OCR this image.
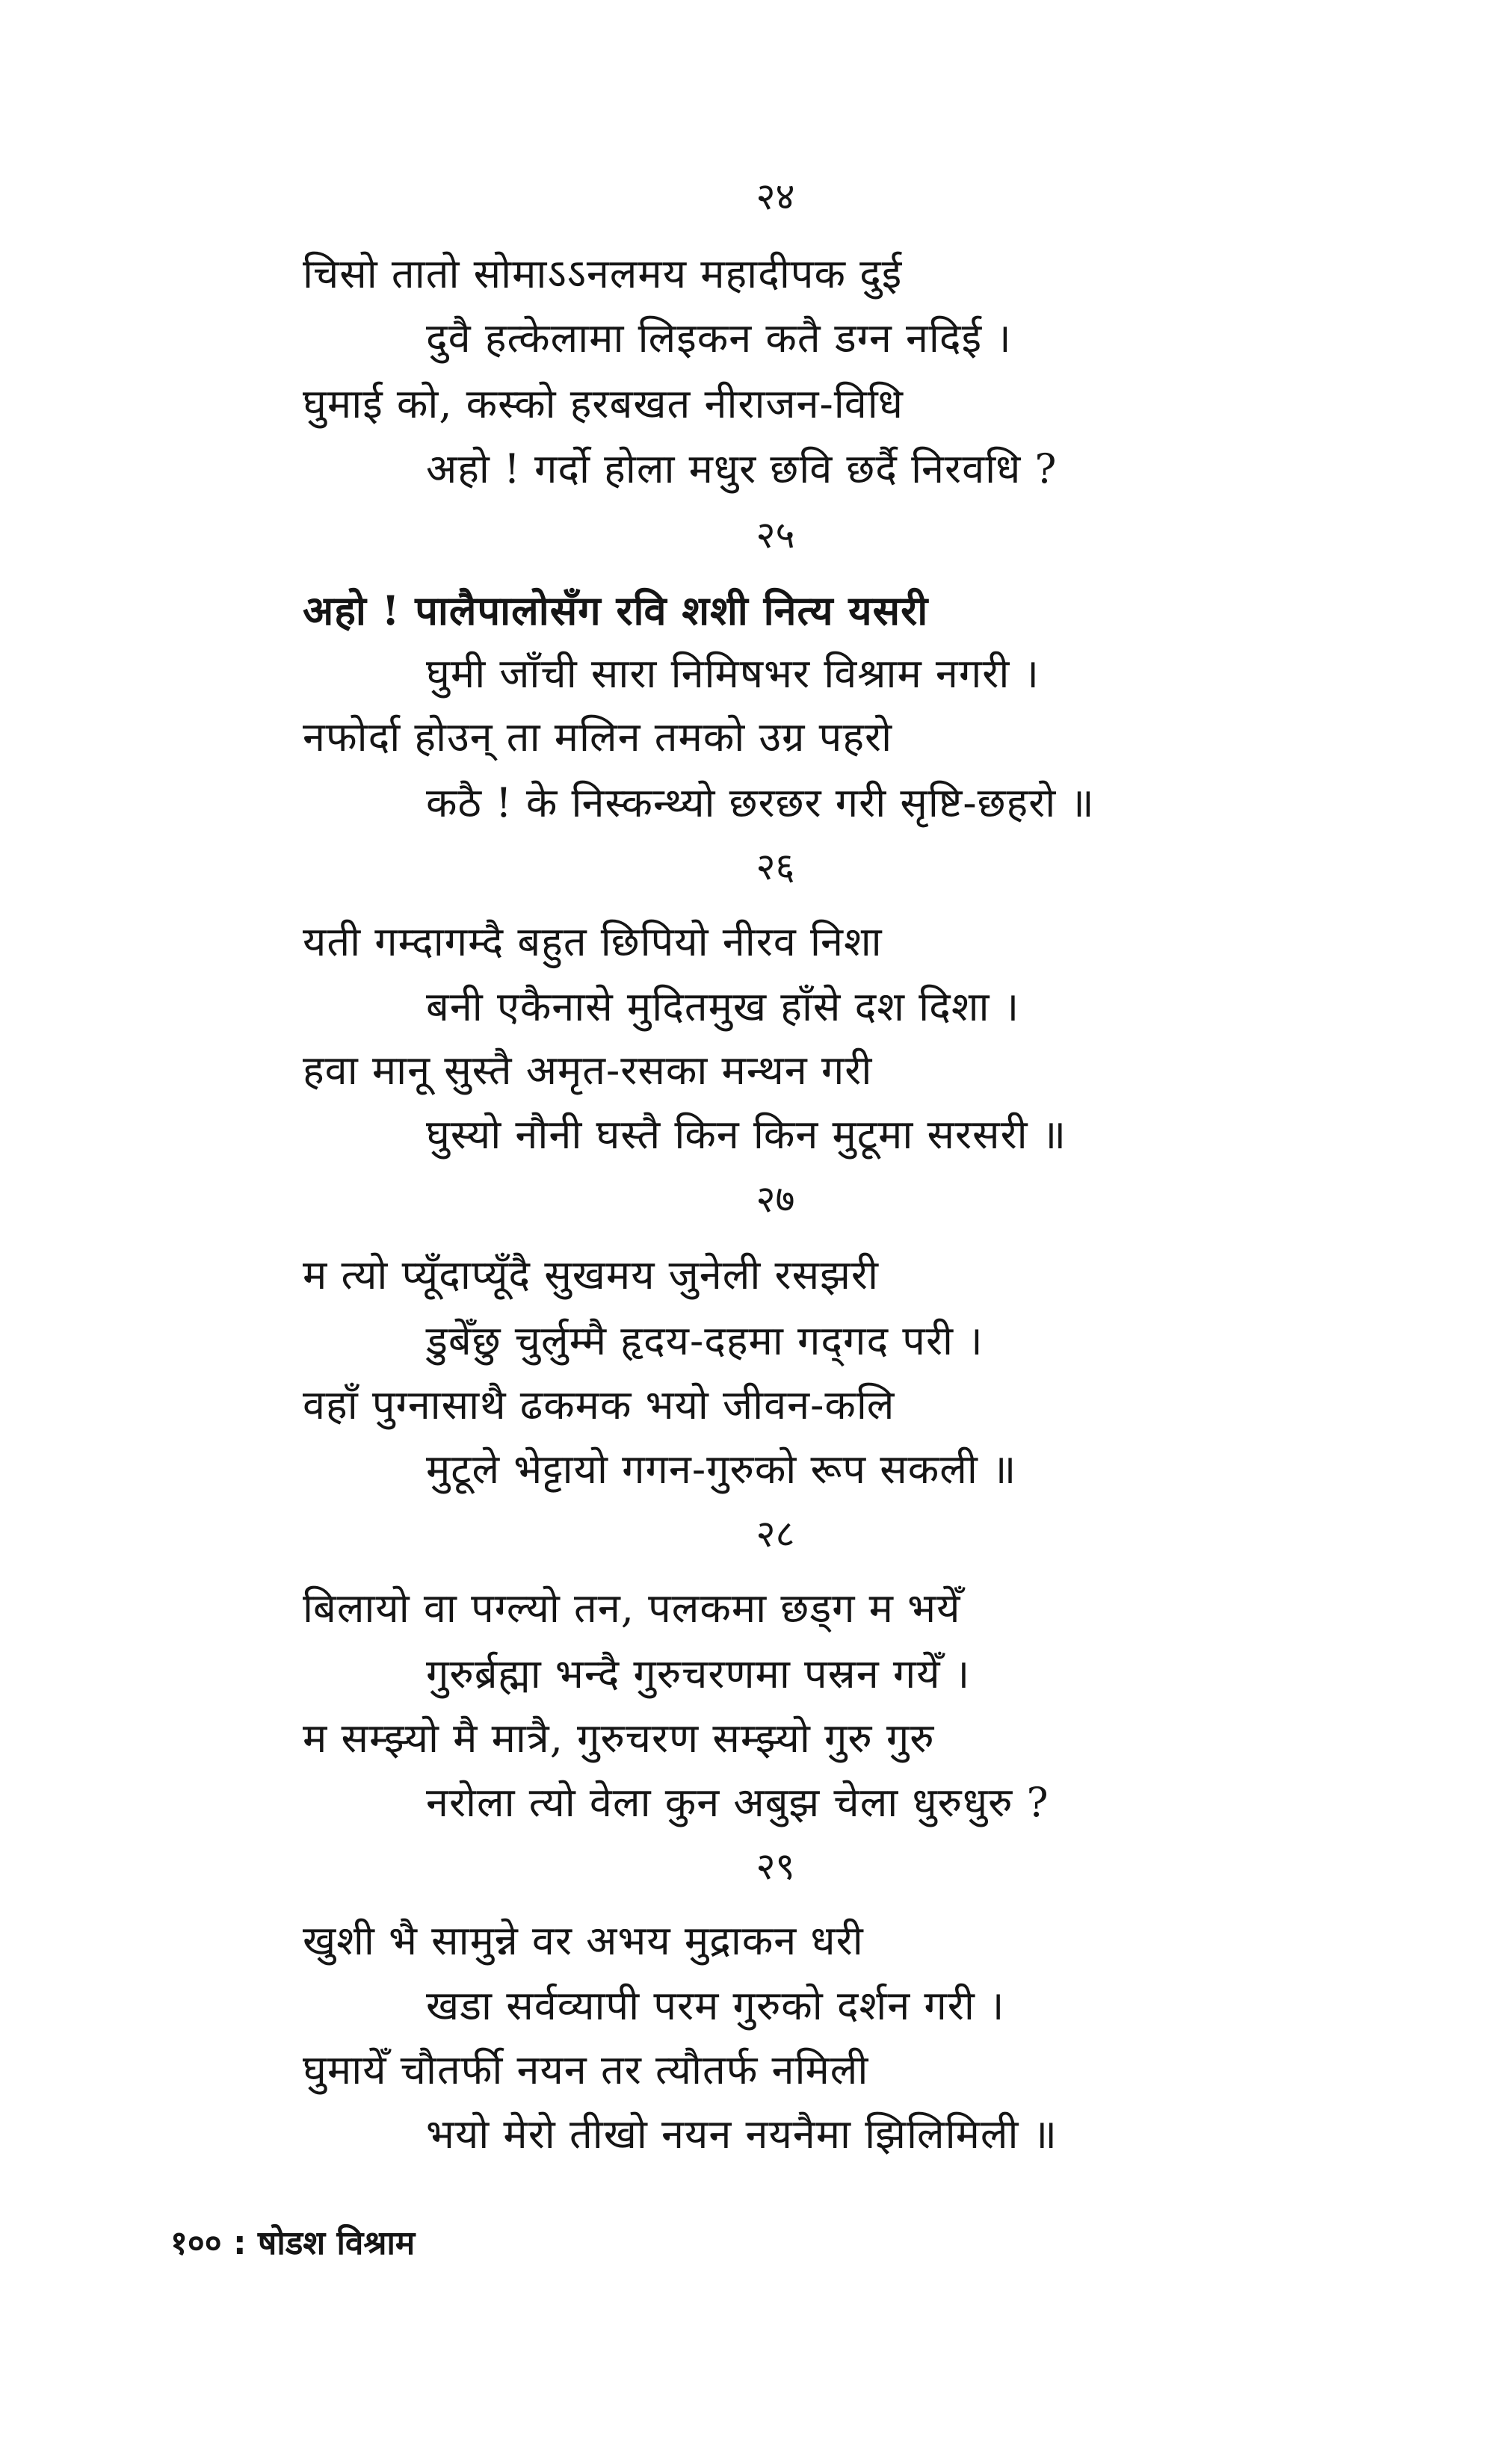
२४
चिसो तातो सोमाऽऽनलमय महादीपक दुई
दुवै हत्केलामा लिइकन कतै डग्न नदिई ।
घुमाई को, कस्को हरबखत नीराजन-विधि
अहो ! गर्दो होला मधुर छवि छर्दै निरवधि ?
२५
अहो ! पालैपालोसँग रवि शशी नित्य यसरी
घुमी जाँची सारा निमिषभर विश्राम नगरी ।
नफोर्दा होउन् ता मलिन तमको उग्र पहरो
कठै ! के निस्कन्थ्यो छरछर गरी सृष्टि-छहरो ॥
२६
यती गम्दागम्दै बहुत छिपियो नीरव निशा
बनी एकैनासे मुदितमुख हाँसे दश दिशा ।
हवा मानू सुस्तै अमृत-रसका मन्थन गरी
घुस्यो नौनी घस्तै किन किन मुटूमा सरसरी ॥
२७
म त्यो प्यूँदाप्यूँदै सुखमय जुनेली रसझरी
डुबेँछु चुर्लुम्मै हृदय-दहमा गद्‌गद परी ।
वहाँ पुग्नासाथै ढकमक भयो जीवन-कलि
मुटूले भेट्टायो गगन-गुरुको रूप सकली ॥
२८
बिलायो वा पग्ल्यो तन, पलकमा छड्ग म भयेँ
गुरुर्ब्रह्मा भन्दै गुरुचरणमा पस्रन गयेँ ।
म सम्झ्यो मै मात्रै, गुरुचरण सम्झ्यो गुरु गुरु
नरोला त्यो वेला कुन अबुझ चेला धुरुधुरु ?
२९
खुशी भै सामुन्ने वर अभय मुद्राकन धरी
खडा सर्वव्यापी परम गुरुको दर्शन गरी ।
घुमायेँ चौतर्फी नयन तर त्यौतर्फ नमिली
भयो मेरो तीखो नयन नयनैमा झिलिमिली ॥
१०० : षोडश विश्राम
